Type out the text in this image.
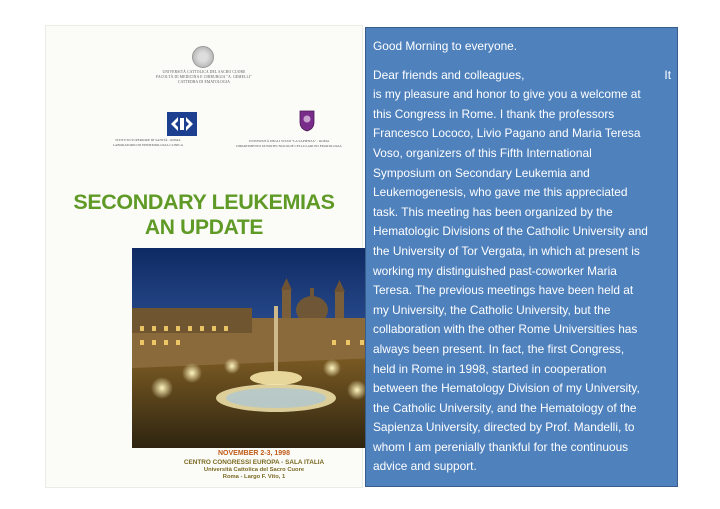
UNIVERSITÀ CATTOLICA DEL SACRO CUORE
FACOLTÀ DI MEDICINA E CHIRURGIA "A. GEMELLI"
CATTEDRA DI EMATOLOGIA
ISTITUTO SUPERIORE DI SANITÀ - ROMA
LABORATORIO DI EPIDEMIOLOGIA CLINICA
UNIVERSITÀ DEGLI STUDI "LA SAPIENZA" - ROMA
DIPARTIMENTO DI BIOTECNOLOGIE CELLULARI ED EMATOLOGIA
SECONDARY LEUKEMIAS
AN UPDATE
NOVEMBER 2-3, 1998
CENTRO CONGRESSI EUROPA - SALA ITALIA
Università Cattolica del Sacro Cuore
Roma - Largo F. Vito, 1

Good Morning to everyone.

Dear friends and colleagues,	It

is my pleasure and honor to give you a welcome at

this Congress in Rome. I thank the professors

Francesco Lococo, Livio Pagano and Maria Teresa

Voso, organizers of this Fifth International

Symposium on Secondary Leukemia and

Leukemogenesis, who gave me this appreciated

task. This meeting has been organized by the

Hematologic Divisions of the Catholic University and

the University of Tor Vergata, in which at present is

working my distinguished past-coworker Maria

Teresa. The previous meetings have been held at

my University, the Catholic University, but the

collaboration with the other Rome Universities has

always been present. In fact, the first Congress,

held in Rome in 1998, started in cooperation

between the Hematology Division of my University,

the Catholic University, and the Hematology of the

Sapienza University, directed by Prof. Mandelli, to

whom I am perenially thankful for the continuous

advice and support.
